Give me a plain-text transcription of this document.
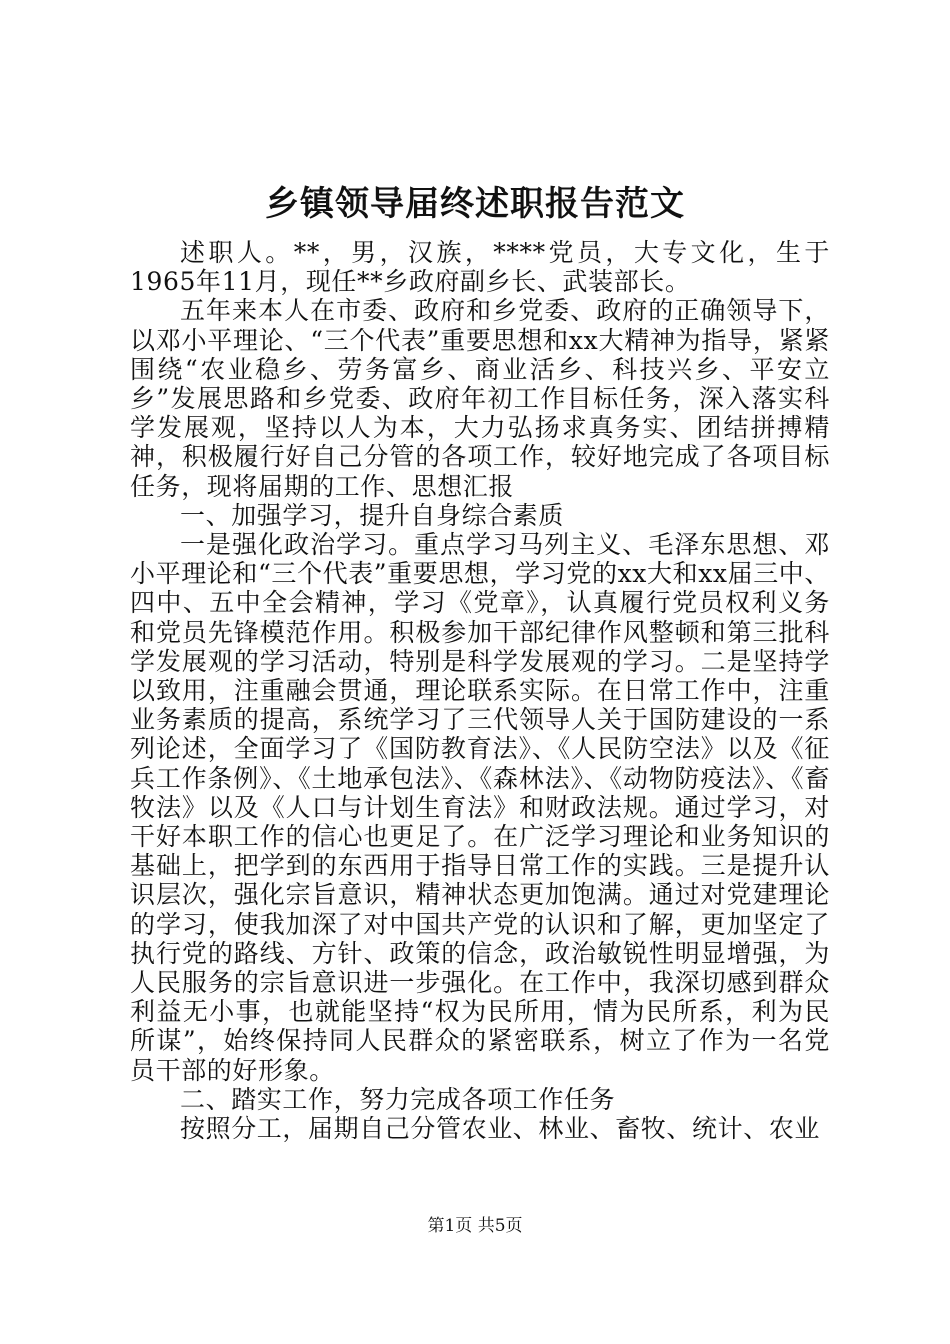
乡镇领导届终述职报告范文

述职人。**，男，汉族，****党员，大专文化，生于1965年11月，现任**乡政府副乡长、武装部长。

五年来本人在市委、政府和乡党委、政府的正确领导下，以邓小平理论、“三个代表”重要思想和xx大精神为指导，紧紧围绕“农业稳乡、劳务富乡、商业活乡、科技兴乡、平安立乡”发展思路和乡党委、政府年初工作目标任务，深入落实科学发展观，坚持以人为本，大力弘扬求真务实、团结拼搏精神，积极履行好自己分管的各项工作，较好地完成了各项目标任务，现将届期的工作、思想汇报

一、加强学习，提升自身综合素质

一是强化政治学习。重点学习马列主义、毛泽东思想、邓小平理论和“三个代表”重要思想，学习党的xx大和xx届三中、四中、五中全会精神，学习《党章》，认真履行党员权利义务和党员先锋模范作用。积极参加干部纪律作风整顿和第三批科学发展观的学习活动，特别是科学发展观的学习。二是坚持学以致用，注重融会贯通，理论联系实际。在日常工作中，注重业务素质的提高，系统学习了三代领导人关于国防建设的一系列论述，全面学习了《国防教育法》、《人民防空法》以及《征兵工作条例》、《土地承包法》、《森林法》、《动物防疫法》、《畜牧法》以及《人口与计划生育法》和财政法规。通过学习，对干好本职工作的信心也更足了。在广泛学习理论和业务知识的基础上，把学到的东西用于指导日常工作的实践。三是提升认识层次，强化宗旨意识，精神状态更加饱满。通过对党建理论的学习，使我加深了对中国共产党的认识和了解，更加坚定了执行党的路线、方针、政策的信念，政治敏锐性明显增强，为人民服务的宗旨意识进一步强化。在工作中，我深切感到群众利益无小事，也就能坚持“权为民所用，情为民所系，利为民所谋”，始终保持同人民群众的紧密联系，树立了作为一名党员干部的好形象。

二、踏实工作，努力完成各项工作任务

按照分工，届期自己分管农业、林业、畜牧、统计、农业

第1页 共5页
